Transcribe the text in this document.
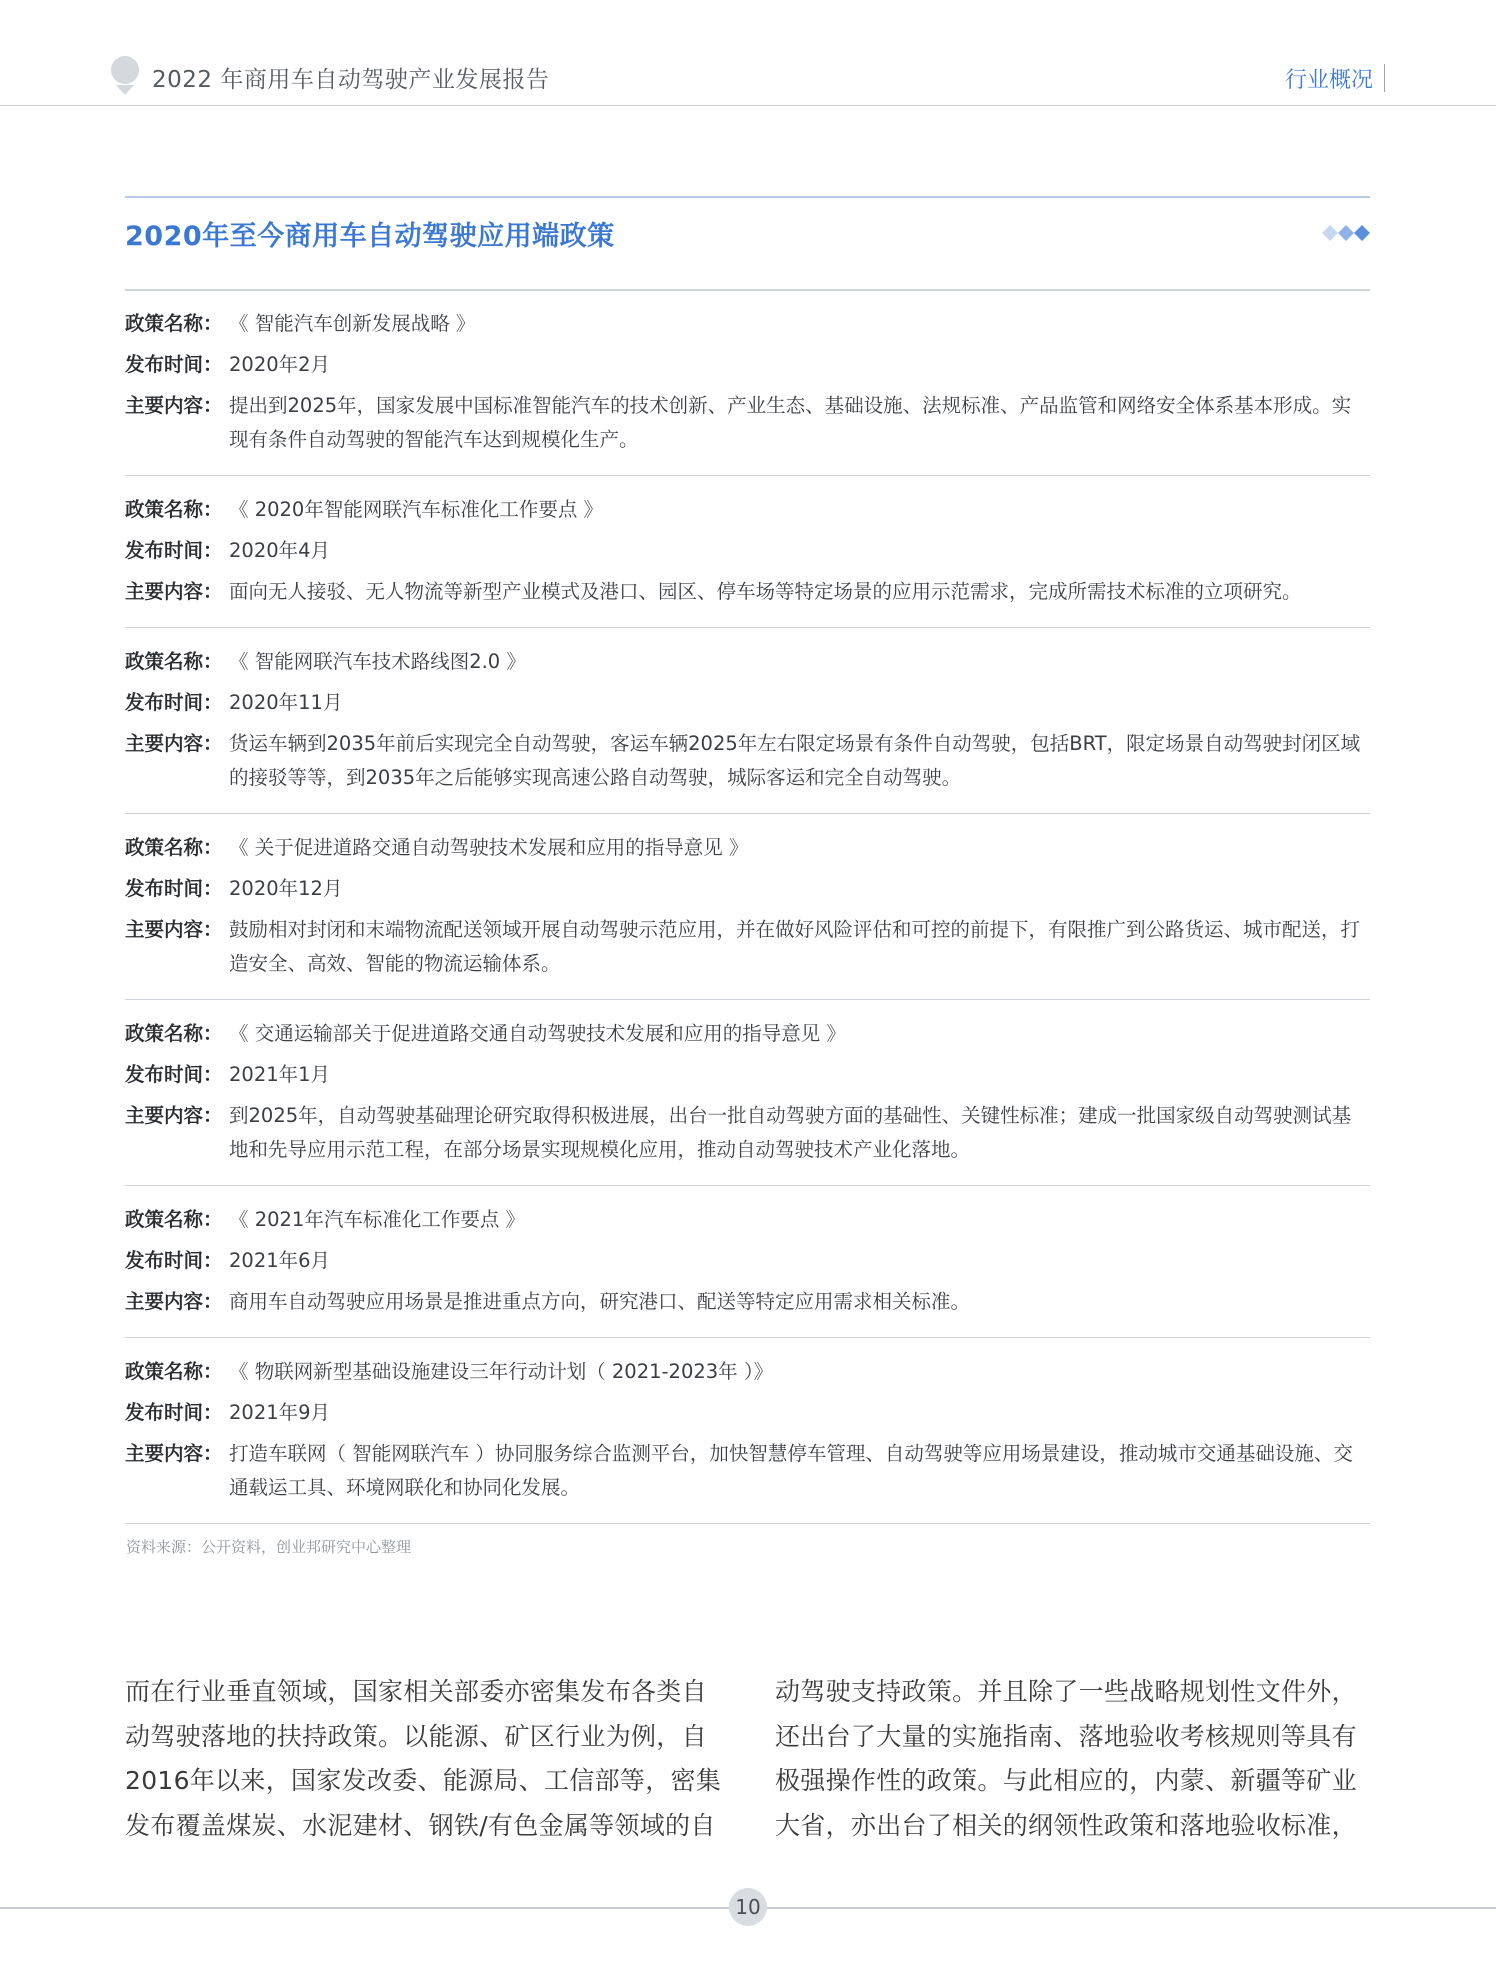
2022 年商用车自动驾驶产业发展报告	行业概况
2020年至今商用车自动驾驶应用端政策
政策名称： 《 智能汽车创新发展战略 》
发布时间： 2020年2月
主要内容： 提出到2025年，国家发展中国标准智能汽车的技术创新、产业生态、基础设施、法规标准、产品监管和网络安全体系基本形成。实现有条件自动驾驶的智能汽车达到规模化生产。
政策名称： 《 2020年智能网联汽车标准化工作要点 》
发布时间： 2020年4月
主要内容： 面向无人接驳、无人物流等新型产业模式及港口、园区、停车场等特定场景的应用示范需求，完成所需技术标准的立项研究。
政策名称： 《 智能网联汽车技术路线图2.0 》
发布时间： 2020年11月
主要内容： 货运车辆到2035年前后实现完全自动驾驶，客运车辆2025年左右限定场景有条件自动驾驶，包括BRT，限定场景自动驾驶封闭区域的接驳等等，到2035年之后能够实现高速公路自动驾驶，城际客运和完全自动驾驶。
政策名称： 《 关于促进道路交通自动驾驶技术发展和应用的指导意见 》
发布时间： 2020年12月
主要内容： 鼓励相对封闭和末端物流配送领域开展自动驾驶示范应用，并在做好风险评估和可控的前提下，有限推广到公路货运、城市配送，打造安全、高效、智能的物流运输体系。
政策名称： 《 交通运输部关于促进道路交通自动驾驶技术发展和应用的指导意见 》
发布时间： 2021年1月
主要内容： 到2025年，自动驾驶基础理论研究取得积极进展，出台一批自动驾驶方面的基础性、关键性标准；建成一批国家级自动驾驶测试基地和先导应用示范工程，在部分场景实现规模化应用，推动自动驾驶技术产业化落地。
政策名称： 《 2021年汽车标准化工作要点 》
发布时间： 2021年6月
主要内容： 商用车自动驾驶应用场景是推进重点方向，研究港口、配送等特定应用需求相关标准。
政策名称： 《 物联网新型基础设施建设三年行动计划（ 2021-2023年 ）》
发布时间： 2021年9月
主要内容： 打造车联网（ 智能网联汽车 ）协同服务综合监测平台，加快智慧停车管理、自动驾驶等应用场景建设，推动城市交通基础设施、交通载运工具、环境网联化和协同化发展。
资料来源：公开资料，创业邦研究中心整理
而在行业垂直领域，国家相关部委亦密集发布各类自动驾驶落地的扶持政策。以能源、矿区行业为例，自2016年以来，国家发改委、能源局、工信部等，密集发布覆盖煤炭、水泥建材、钢铁/有色金属等领域的自
动驾驶支持政策。并且除了一些战略规划性文件外，还出台了大量的实施指南、落地验收考核规则等具有极强操作性的政策。与此相应的，内蒙、新疆等矿业大省，亦出台了相关的纲领性政策和落地验收标准，
10
